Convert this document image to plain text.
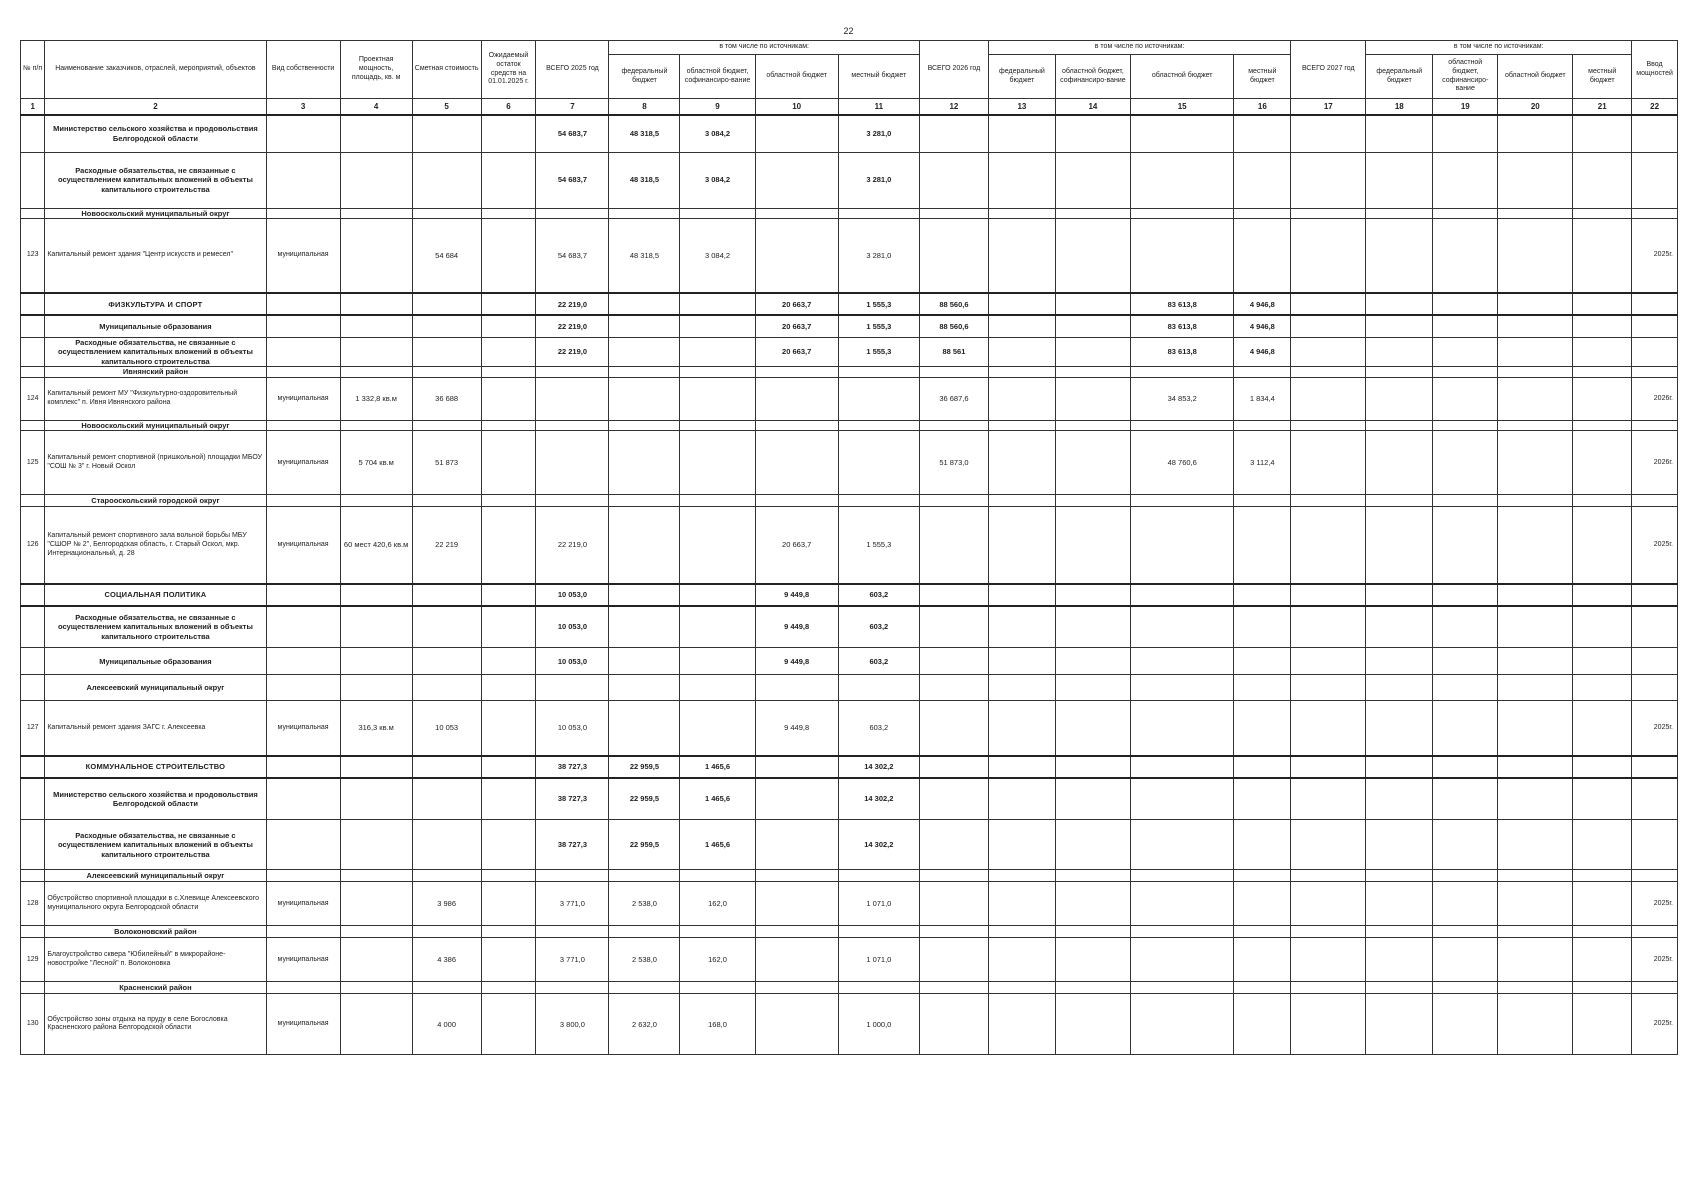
22
№ п/п	Наименование заказчиков, отраслей, мероприятий, объектов	Вид собственности	Проектная мощность, площадь, кв. м	Сметная стоимость	Ожидаемый остаток средств на 01.01.2025 г.	ВСЕГО 2025 год	в том числе по источникам:				ВСЕГО 2026 год	в том числе по источникам:				ВСЕГО 2027 год	в том числе по источникам:				Ввод мощностей
							федеральный бюджет	областной бюджет, софинансиро-вание	областной бюджет	местный бюджет		федеральный бюджет	областной бюджет, софинансиро-вание	областной бюджет	местный бюджет		федеральный бюджет	областной бюджет, софинансиро-вание	областной бюджет	местный бюджет	
1	2	3	4	5	6	7	8	9	10	11	12	13	14	15	16	17	18	19	20	21	22
	Министерство сельского хозяйства и продовольствия Белгородской области					54 683,7	48 318,5	3 084,2		3 281,0											
	Расходные обязательства, не связанные с осуществлением капитальных вложений в объекты капитального строительства					54 683,7	48 318,5	3 084,2		3 281,0											
	Новооскольский муниципальный округ																				
123	Капитальный ремонт здания "Центр искусств и ремесел"	муниципальная		54 684		54 683,7	48 318,5	3 084,2		3 281,0											2025г.
	ФИЗКУЛЬТУРА И СПОРТ					22 219,0			20 663,7	1 555,3	88 560,6			83 613,8	4 946,8						
	Муниципальные образования					22 219,0			20 663,7	1 555,3	88 560,6			83 613,8	4 946,8						
	Расходные обязательства, не связанные с осуществлением капитальных вложений в объекты капитального строительства					22 219,0			20 663,7	1 555,3	88 561			83 613,8	4 946,8						
	Ивнянский район																				
124	Капитальный ремонт МУ "Физкультурно-оздоровительный комплекс" п. Ивня Ивнянского района	муниципальная	1 332,8 кв.м	36 688							36 687,6			34 853,2	1 834,4						2026г.
	Новооскольский муниципальный округ																				
125	Капитальный ремонт спортивной (пришкольной) площадки МБОУ "СОШ № 3" г. Новый Оскол	муниципальная	5 704 кв.м	51 873							51 873,0			48 760,6	3 112,4						2026г.
	Старооскольский городской округ																				
126	Капитальный ремонт спортивного зала вольной борьбы МБУ "СШОР № 2", Белгородская область, г. Старый Оскол, мкр. Интернациональный, д. 28	муниципальная	60 мест 420,6 кв.м	22 219		22 219,0			20 663,7	1 555,3											2025г.
	СОЦИАЛЬНАЯ ПОЛИТИКА					10 053,0			9 449,8	603,2											
	Расходные обязательства, не связанные с осуществлением капитальных вложений в объекты капитального строительства					10 053,0			9 449,8	603,2											
	Муниципальные образования					10 053,0			9 449,8	603,2											
	Алексеевский муниципальный округ																				
127	Капитальный ремонт здания ЗАГС г. Алексеевка	муниципальная	316,3 кв.м	10 053		10 053,0			9 449,8	603,2											2025г.
	КОММУНАЛЬНОЕ СТРОИТЕЛЬСТВО					38 727,3	22 959,5	1 465,6		14 302,2											
	Министерство сельского хозяйства и продовольствия Белгородской области					38 727,3	22 959,5	1 465,6		14 302,2											
	Расходные обязательства, не связанные с осуществлением капитальных вложений в объекты капитального строительства					38 727,3	22 959,5	1 465,6		14 302,2											
	Алексеевский муниципальный округ																				
128	Обустройство спортивной площадки в с.Хлевище Алексеевского муниципального округа Белгородской области	муниципальная		3 986		3 771,0	2 538,0	162,0		1 071,0											2025г.
	Волоконовский район																				
129	Благоустройство сквера "Юбилейный" в микрорайоне-новостройке "Лесной" п. Волоконовка	муниципальная		4 386		3 771,0	2 538,0	162,0		1 071,0											2025г.
	Красненский район																				
130	Обустройство зоны отдыха на пруду в селе Богословка Красненского района Белгородской области	муниципальная		4 000		3 800,0	2 632,0	168,0		1 000,0											2025г.
